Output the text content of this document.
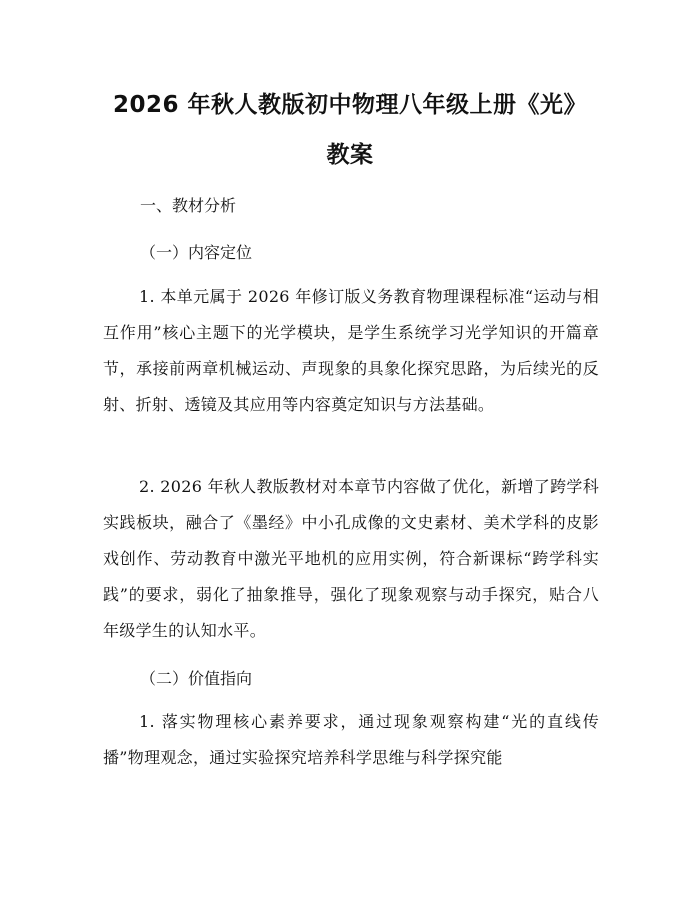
2026 年秋人教版初中物理八年级上册《光》
教案

一、教材分析

（一）内容定位

1. 本单元属于 2026 年修订版义务教育物理课程标准“运动与相互作用”核心主题下的光学模块，是学生系统学习光学知识的开篇章节，承接前两章机械运动、声现象的具象化探究思路，为后续光的反射、折射、透镜及其应用等内容奠定知识与方法基础。

2. 2026 年秋人教版教材对本章节内容做了优化，新增了跨学科实践板块，融合了《墨经》中小孔成像的文史素材、美术学科的皮影戏创作、劳动教育中激光平地机的应用实例，符合新课标“跨学科实践”的要求，弱化了抽象推导，强化了现象观察与动手探究，贴合八年级学生的认知水平。

（二）价值指向

1. 落实物理核心素养要求，通过现象观察构建“光的直线传播”物理观念，通过实验探究培养科学思维与科学探究能
